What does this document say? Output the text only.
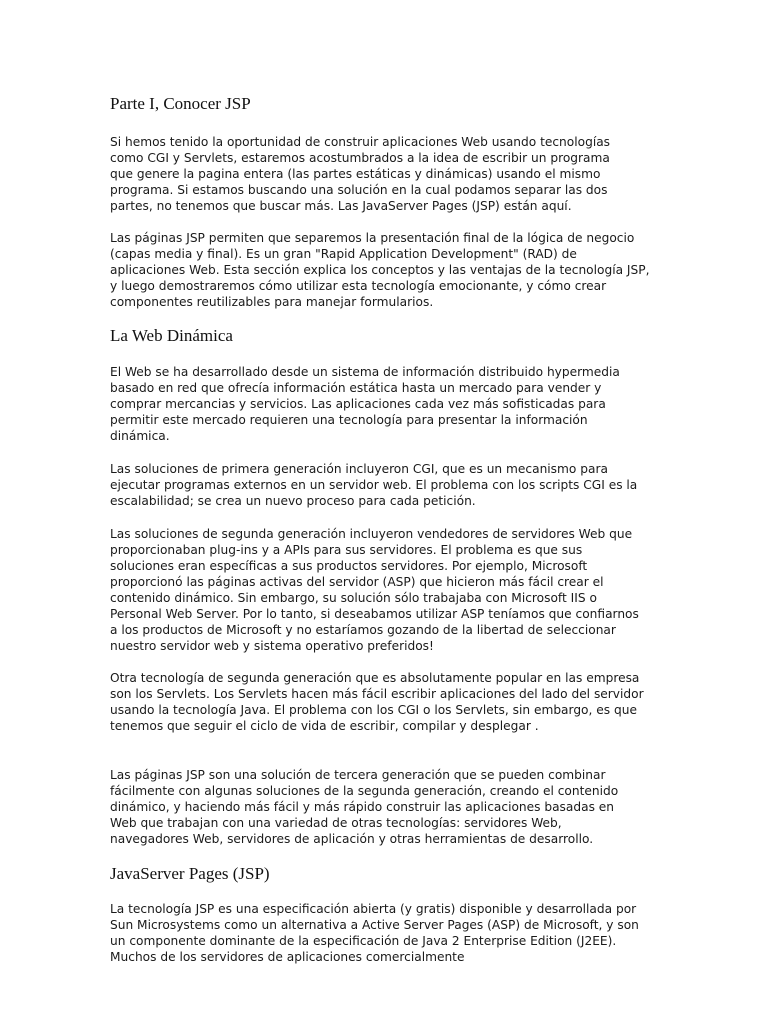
Parte I, Conocer JSP

Si hemos tenido la oportunidad de construir aplicaciones Web usando tecnologías como CGI y Servlets, estaremos acostumbrados a la idea de escribir un programa que genere la pagina entera (las partes estáticas y dinámicas) usando el mismo programa. Si estamos buscando una solución en la cual podamos separar las dos partes, no tenemos que buscar más. Las JavaServer Pages (JSP) están aquí.

Las páginas JSP permiten que separemos la presentación final de la lógica de negocio (capas media y final). Es un gran "Rapid Application Development" (RAD) de aplicaciones Web. Esta sección explica los conceptos y las ventajas de la tecnología JSP, y luego demostraremos cómo utilizar esta tecnología emocionante, y cómo crear componentes reutilizables para manejar formularios.

La Web Dinámica

El Web se ha desarrollado desde un sistema de información distribuido hypermedia basado en red que ofrecía información estática hasta un mercado para vender y comprar mercancias y servicios. Las aplicaciones cada vez más sofisticadas para permitir este mercado requieren una tecnología para presentar la información dinámica.

Las soluciones de primera generación incluyeron CGI, que es un mecanismo para ejecutar programas externos en un servidor web. El problema con los scripts CGI es la escalabilidad; se crea un nuevo proceso para cada petición.

Las soluciones de segunda generación incluyeron vendedores de servidores Web que proporcionaban plug-ins y a APIs para sus servidores. El problema es que sus soluciones eran específicas a sus productos servidores. Por ejemplo, Microsoft proporcionó las páginas activas del servidor (ASP) que hicieron más fácil crear el contenido dinámico. Sin embargo, su solución sólo trabajaba con Microsoft IIS o Personal Web Server. Por lo tanto, si deseabamos utilizar ASP teníamos que confiarnos a los productos de Microsoft y no estaríamos gozando de la libertad de seleccionar nuestro servidor web y sistema operativo preferidos!

Otra tecnología de segunda generación que es absolutamente popular en las empresa son los Servlets. Los Servlets hacen más fácil escribir aplicaciones del lado del servidor usando la tecnología Java. El problema con los CGI o los Servlets, sin embargo, es que tenemos que seguir el ciclo de vida de escribir, compilar y desplegar .

Las páginas JSP son una solución de tercera generación que se pueden combinar fácilmente con algunas soluciones de la segunda generación, creando el contenido dinámico, y haciendo más fácil y más rápido construir las aplicaciones basadas en Web que trabajan con una variedad de otras tecnologías: servidores Web, navegadores Web, servidores de aplicación y otras herramientas de desarrollo.

JavaServer Pages (JSP)

La tecnología JSP es una especificación abierta (y gratis) disponible y desarrollada por Sun Microsystems como un alternativa a Active Server Pages (ASP) de Microsoft, y son un componente dominante de la especificación de Java 2 Enterprise Edition (J2EE). Muchos de los servidores de aplicaciones comercialmente
